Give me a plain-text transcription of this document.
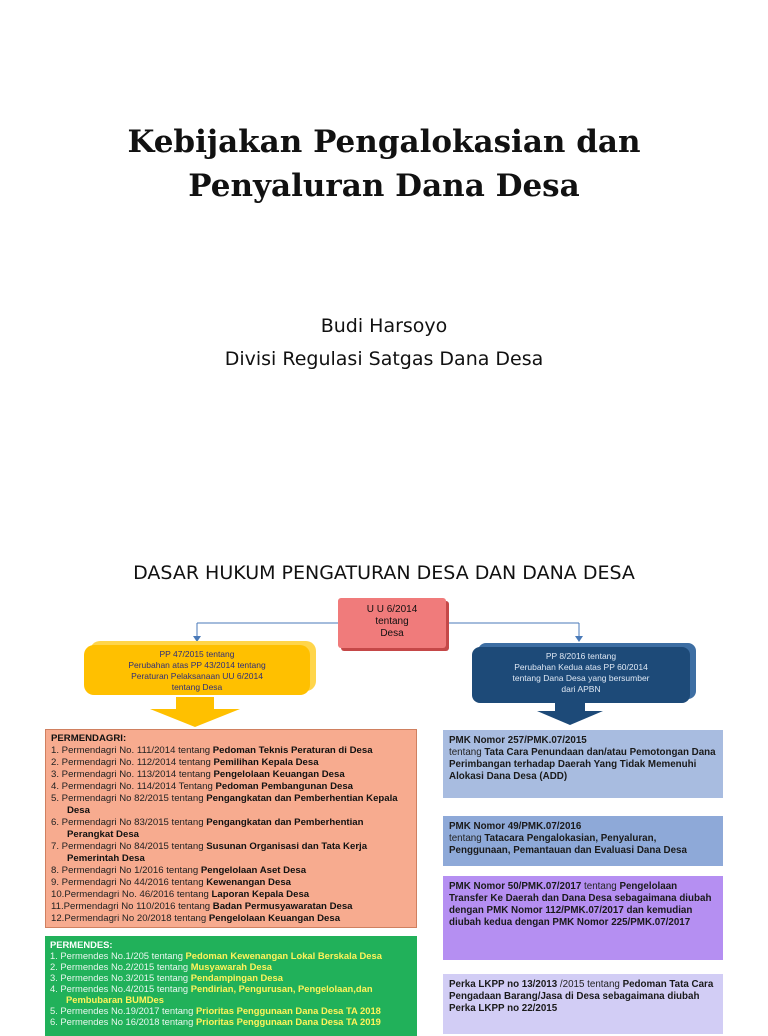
Kebijakan Pengalokasian dan
Penyaluran Dana Desa
Budi Harsoyo
Divisi Regulasi Satgas Dana Desa
DASAR HUKUM PENGATURAN DESA DAN DANA DESA
U U 6/2014
tentang
Desa
PP 47/2015 tentang
Perubahan atas PP 43/2014 tentang
Peraturan Pelaksanaan UU 6/2014
tentang Desa
PP 8/2016 tentang
Perubahan Kedua atas PP 60/2014
tentang Dana Desa yang bersumber
dari APBN
PERMENDAGRI:
1. Permendagri No. 111/2014 tentang Pedoman Teknis Peraturan di Desa
2. Permendagri No. 112/2014 tentang Pemilihan Kepala Desa
3. Permendagri No. 113/2014 tentang Pengelolaan Keuangan Desa
4. Permendagri No. 114/2014 Tentang Pedoman Pembangunan Desa
5. Permendagri No 82/2015 tentang Pengangkatan dan Pemberhentian Kepala Desa
6. Permendagri No 83/2015 tentang Pengangkatan dan Pemberhentian Perangkat Desa
7. Permendagri No 84/2015 tentang Susunan Organisasi dan Tata Kerja Pemerintah Desa
8. Permendagri No 1/2016 tentang Pengelolaan Aset Desa
9. Permendagri No 44/2016 tentang Kewenangan Desa
10.Permendagri No. 46/2016 tentang Laporan Kepala Desa
11.Permendagri No 110/2016 tentang Badan Permusyawaratan Desa
12.Permendagri No 20/2018 tentang Pengelolaan Keuangan Desa
PERMENDES:
1. Permendes No.1/205 tentang Pedoman Kewenangan Lokal Berskala Desa
2. Permendes No.2/2015 tentang Musyawarah Desa
3. Permendes No.3/2015 tentang Pendampingan Desa
4. Permendes No.4/2015 tentang Pendirian, Pengurusan, Pengelolaan,dan Pembubaran BUMDes
5. Permendes No.19/2017 tentang Prioritas Penggunaan Dana Desa TA 2018
6. Permendes No 16/2018 tentang Prioritas Penggunaan Dana Desa TA 2019
PMK Nomor 257/PMK.07/2015
tentang Tata Cara Penundaan dan/atau Pemotongan Dana Perimbangan terhadap Daerah Yang Tidak Memenuhi Alokasi Dana Desa (ADD)
PMK Nomor 49/PMK.07/2016
tentang Tatacara Pengalokasian, Penyaluran, Penggunaan, Pemantauan dan Evaluasi Dana Desa
PMK Nomor 50/PMK.07/2017 tentang Pengelolaan Transfer Ke Daerah dan Dana Desa sebagaimana diubah dengan PMK Nomor 112/PMK.07/2017 dan kemudian diubah kedua dengan PMK Nomor 225/PMK.07/2017
Perka LKPP no 13/2013 /2015 tentang Pedoman Tata Cara Pengadaan Barang/Jasa di Desa sebagaimana diubah Perka LKPP no 22/2015
